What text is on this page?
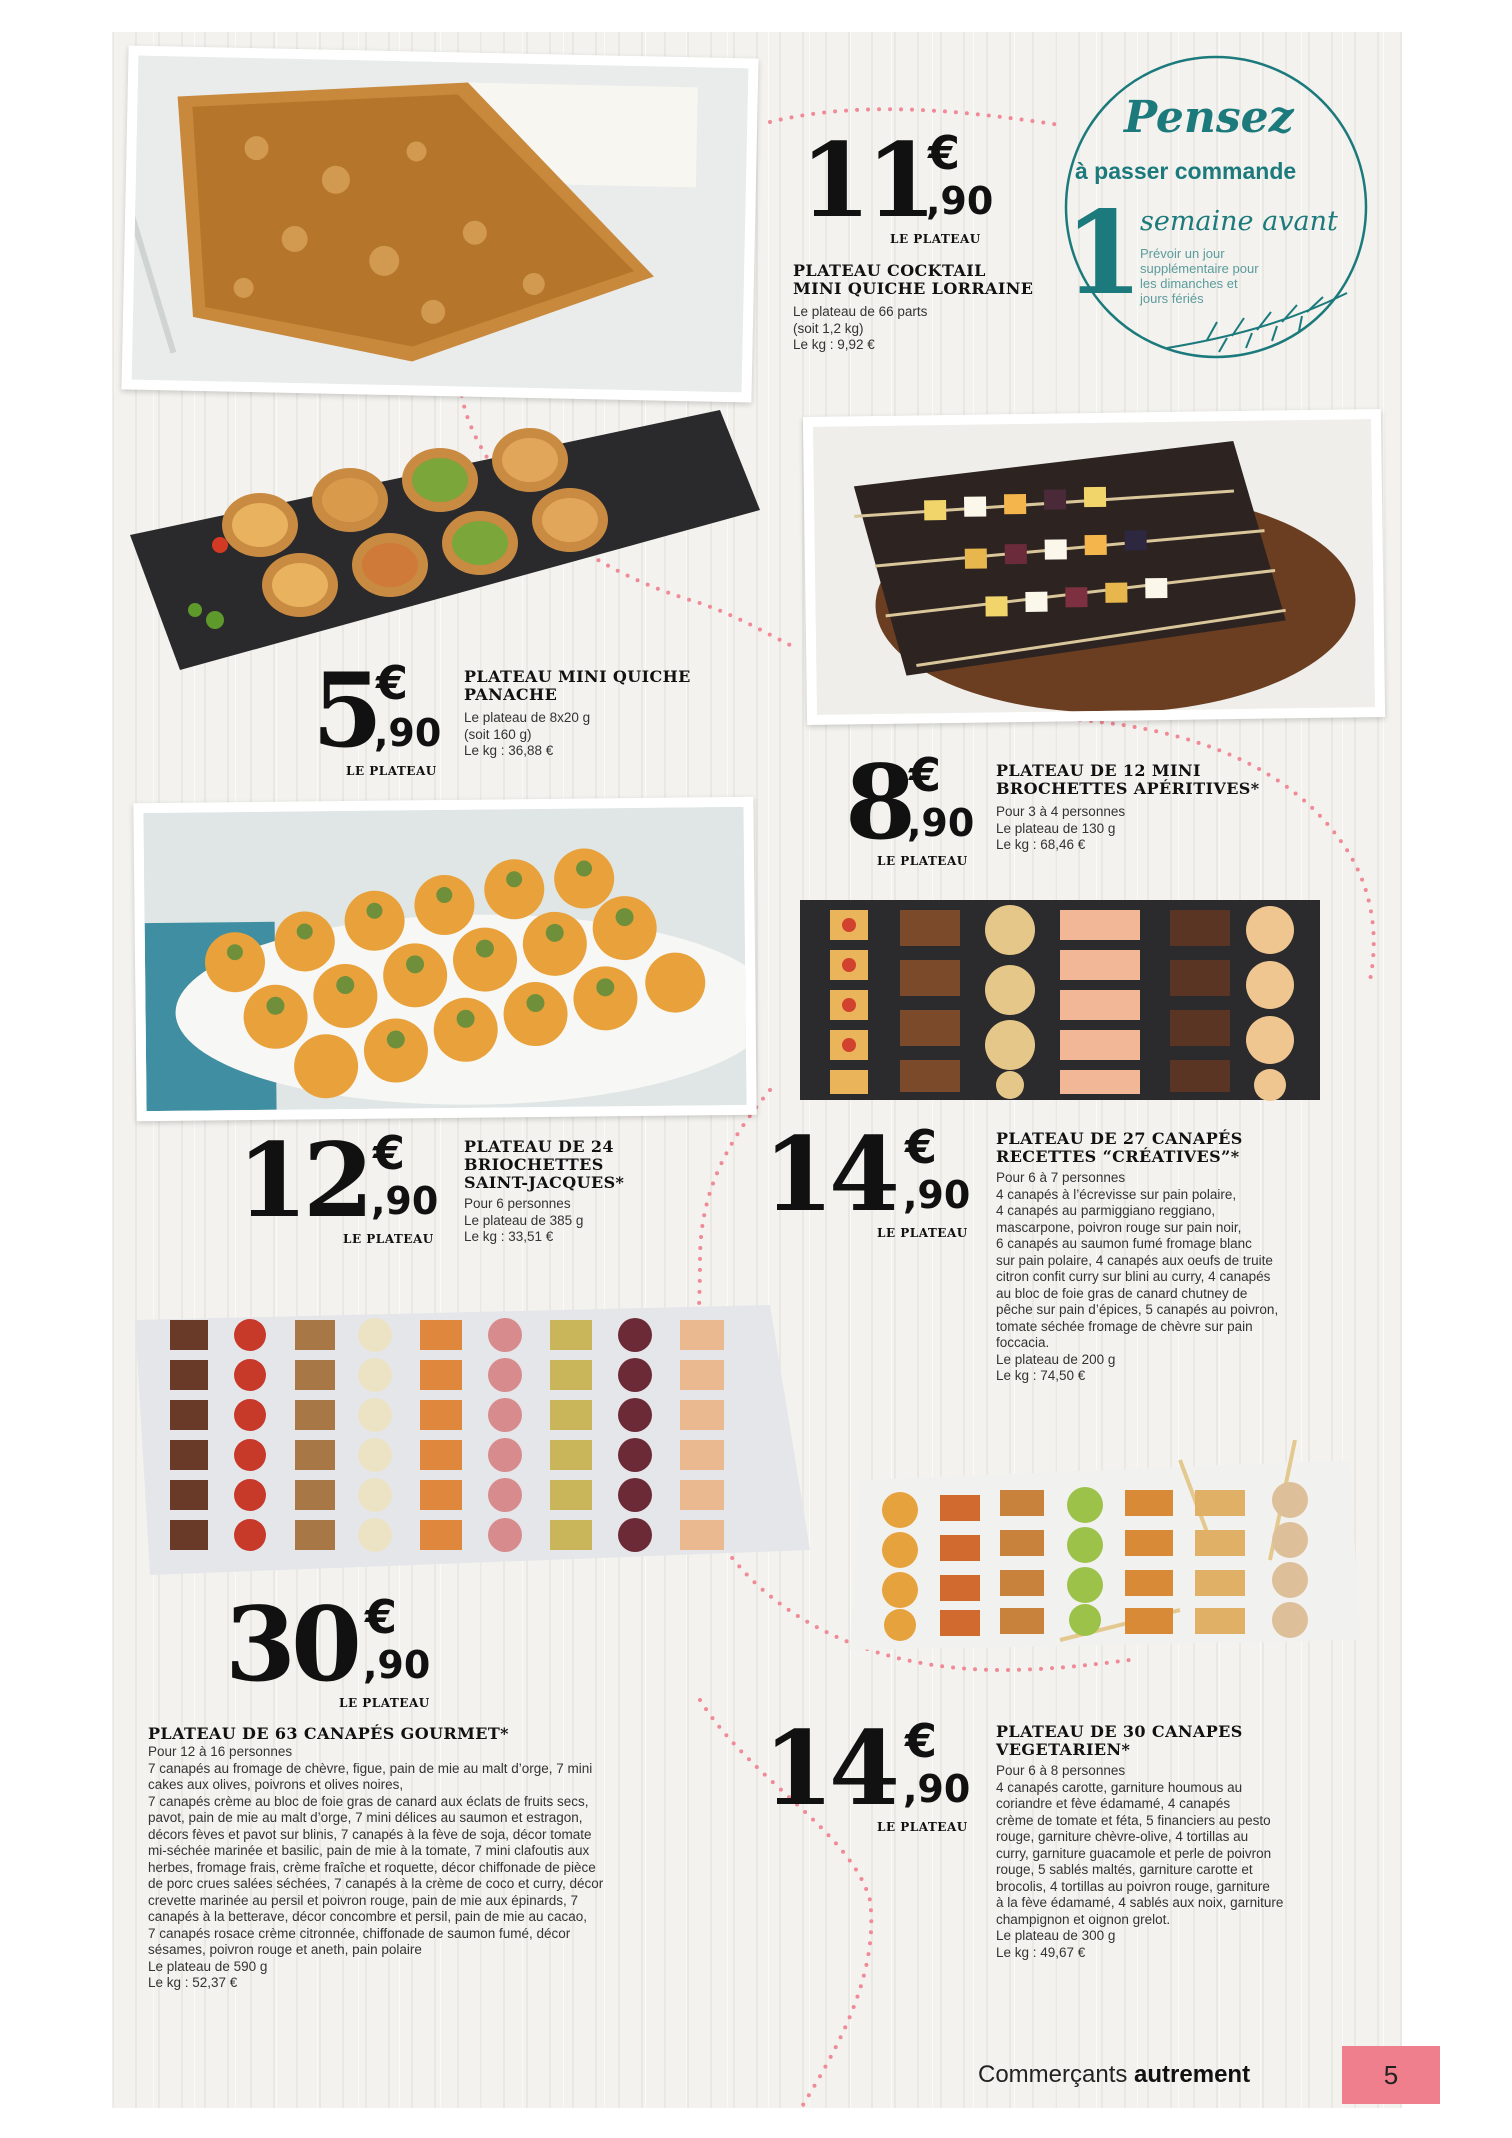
Pensez
à passer commande
1
semaine avant
Prévoir un jour
supplémentaire pour
les dimanches et
jours fériés
11
€
,90
LE PLATEAU
PLATEAU COCKTAIL
MINI QUICHE LORRAINE
Le plateau de 66 parts
(soit 1,2 kg)
Le kg : 9,92 €
5
€
,90
LE PLATEAU
PLATEAU MINI QUICHE
PANACHE
Le plateau de 8x20 g
(soit 160 g)
Le kg : 36,88 €	8
€
,90
LE PLATEAU
PLATEAU DE 12 MINI
BROCHETTES APÉRITIVES*
Pour 3 à 4 personnes
Le plateau de 130 g
Le kg : 68,46 €
12 €
,90
LE PLATEAU
PLATEAU DE 24
BRIOCHETTES
SAINT-JACQUES*
Pour 6 personnes
Le plateau de 385 g
Le kg : 33,51 €
14 €
,90
LE PLATEAU
PLATEAU DE 27 CANAPÉS
RECETTES “CRÉATIVES”*
Pour 6 à 7 personnes
4 canapés à l’écrevisse sur pain polaire,
4 canapés au parmiggiano reggiano,
mascarpone, poivron rouge sur pain noir,
6 canapés au saumon fumé fromage blanc
sur pain polaire, 4 canapés aux oeufs de truite
citron confit curry sur blini au curry, 4 canapés
au bloc de foie gras de canard chutney de
pêche sur pain d’épices, 5 canapés au poivron,
tomate séchée fromage de chèvre sur pain
foccacia.
Le plateau de 200 g
Le kg : 74,50 €
30 €
,90
LE PLATEAU
PLATEAU DE 63 CANAPÉS GOURMET*
Pour 12 à 16 personnes
7 canapés au fromage de chèvre, figue, pain de mie au malt d’orge, 7 mini
cakes aux olives, poivrons et olives noires,
7 canapés crème au bloc de foie gras de canard aux éclats de fruits secs,
pavot, pain de mie au malt d’orge, 7 mini délices au saumon et estragon,
décors fèves et pavot sur blinis, 7 canapés à la fève de soja, décor tomate
mi-séchée marinée et basilic, pain de mie à la tomate, 7 mini clafoutis aux
herbes, fromage frais, crème fraîche et roquette, décor chiffonade de pièce
de porc crues salées séchées, 7 canapés à la crème de coco et curry, décor
crevette marinée au persil et poivron rouge, pain de mie aux épinards, 7
canapés à la betterave, décor concombre et persil, pain de mie au cacao,
7 canapés rosace crème citronnée, chiffonade de saumon fumé, décor
sésames, poivron rouge et aneth, pain polaire
Le plateau de 590 g
Le kg : 52,37 €
14 €
,90
LE PLATEAU
PLATEAU DE 30 CANAPES
VEGETARIEN*
Pour 6 à 8 personnes
4 canapés carotte, garniture houmous au
coriandre et fève édamamé, 4 canapés
crème de tomate et féta, 5 financiers au pesto
rouge, garniture chèvre-olive, 4 tortillas au
curry, garniture guacamole et perle de poivron
rouge, 5 sablés maltés, garniture carotte et
brocolis, 4 tortillas au poivron rouge, garniture
à la fève édamamé, 4 sablés aux noix, garniture
champignon et oignon grelot.
Le plateau de 300 g
Le kg : 49,67 €
Commerçants autrement	5
